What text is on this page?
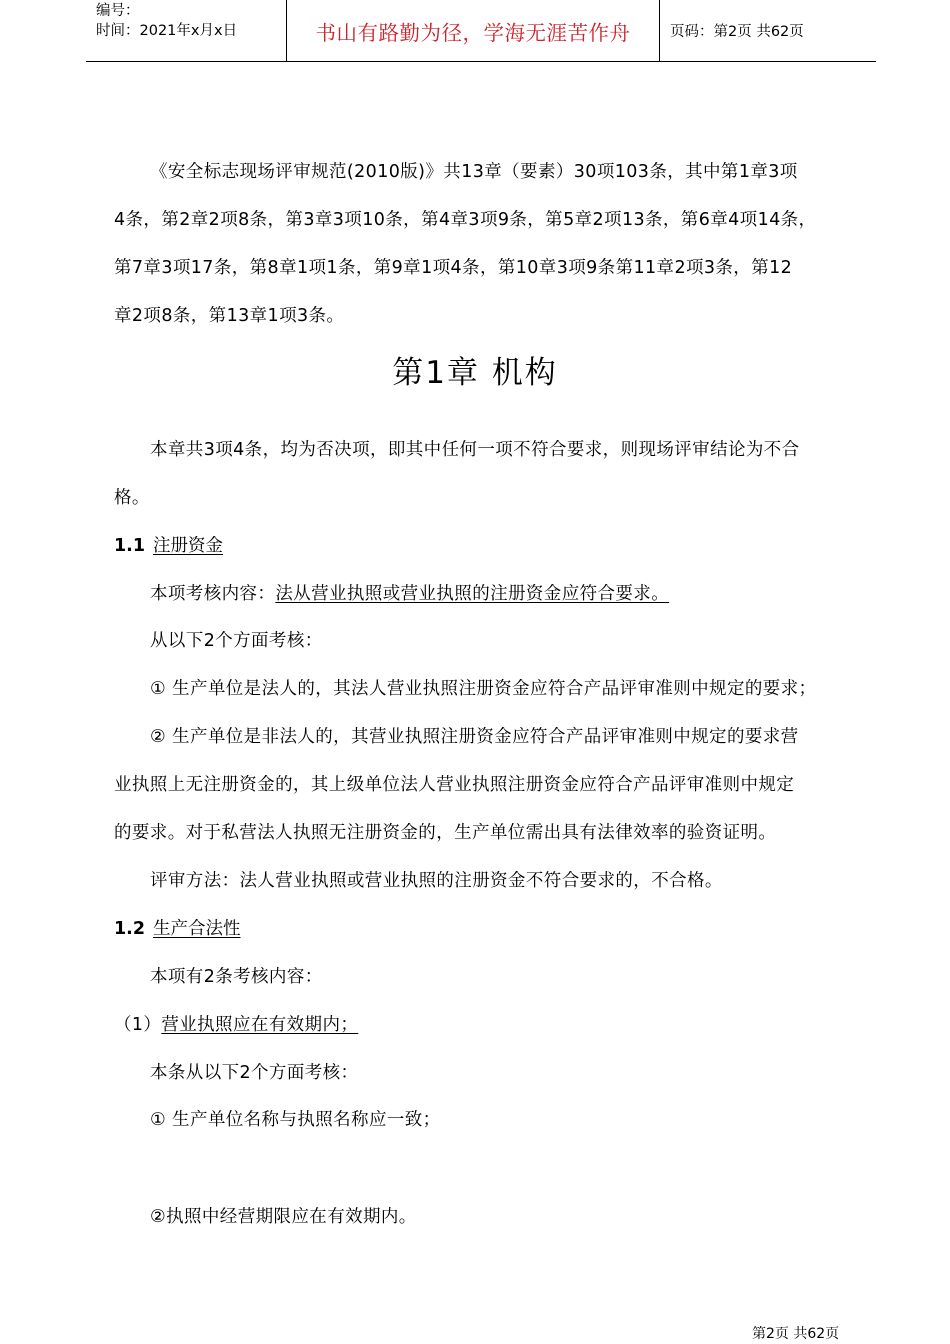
编号：
时间：2021年x月x日	书山有路勤为径，学海无涯苦作舟	页码：第2页 共62页
《安全标志现场评审规范(2010版)》共13章（要素）30项103条，其中第1章3项
4条，第2章2项8条，第3章3项10条，第4章3项9条，第5章2项13条，第6章4项14条，
第7章3项17条，第8章1项1条，第9章1项4条，第10章3项9条第11章2项3条，第12
章2项8条，第13章1项3条。
第1章 机构
本章共3项4条，均为否决项，即其中任何一项不符合要求，则现场评审结论为不合
格。
1.1 注册资金
本项考核内容：法从营业执照或营业执照的注册资金应符合要求。
从以下2个方面考核：
① 生产单位是法人的，其法人营业执照注册资金应符合产品评审准则中规定的要求；
② 生产单位是非法人的，其营业执照注册资金应符合产品评审准则中规定的要求营
业执照上无注册资金的，其上级单位法人营业执照注册资金应符合产品评审准则中规定
的要求。对于私营法人执照无注册资金的，生产单位需出具有法律效率的验资证明。
评审方法：法人营业执照或营业执照的注册资金不符合要求的，不合格。
1.2 生产合法性
本项有2条考核内容：
（1）营业执照应在有效期内；
本条从以下2个方面考核：
① 生产单位名称与执照名称应一致；
②执照中经营期限应在有效期内。
第2页 共62页
